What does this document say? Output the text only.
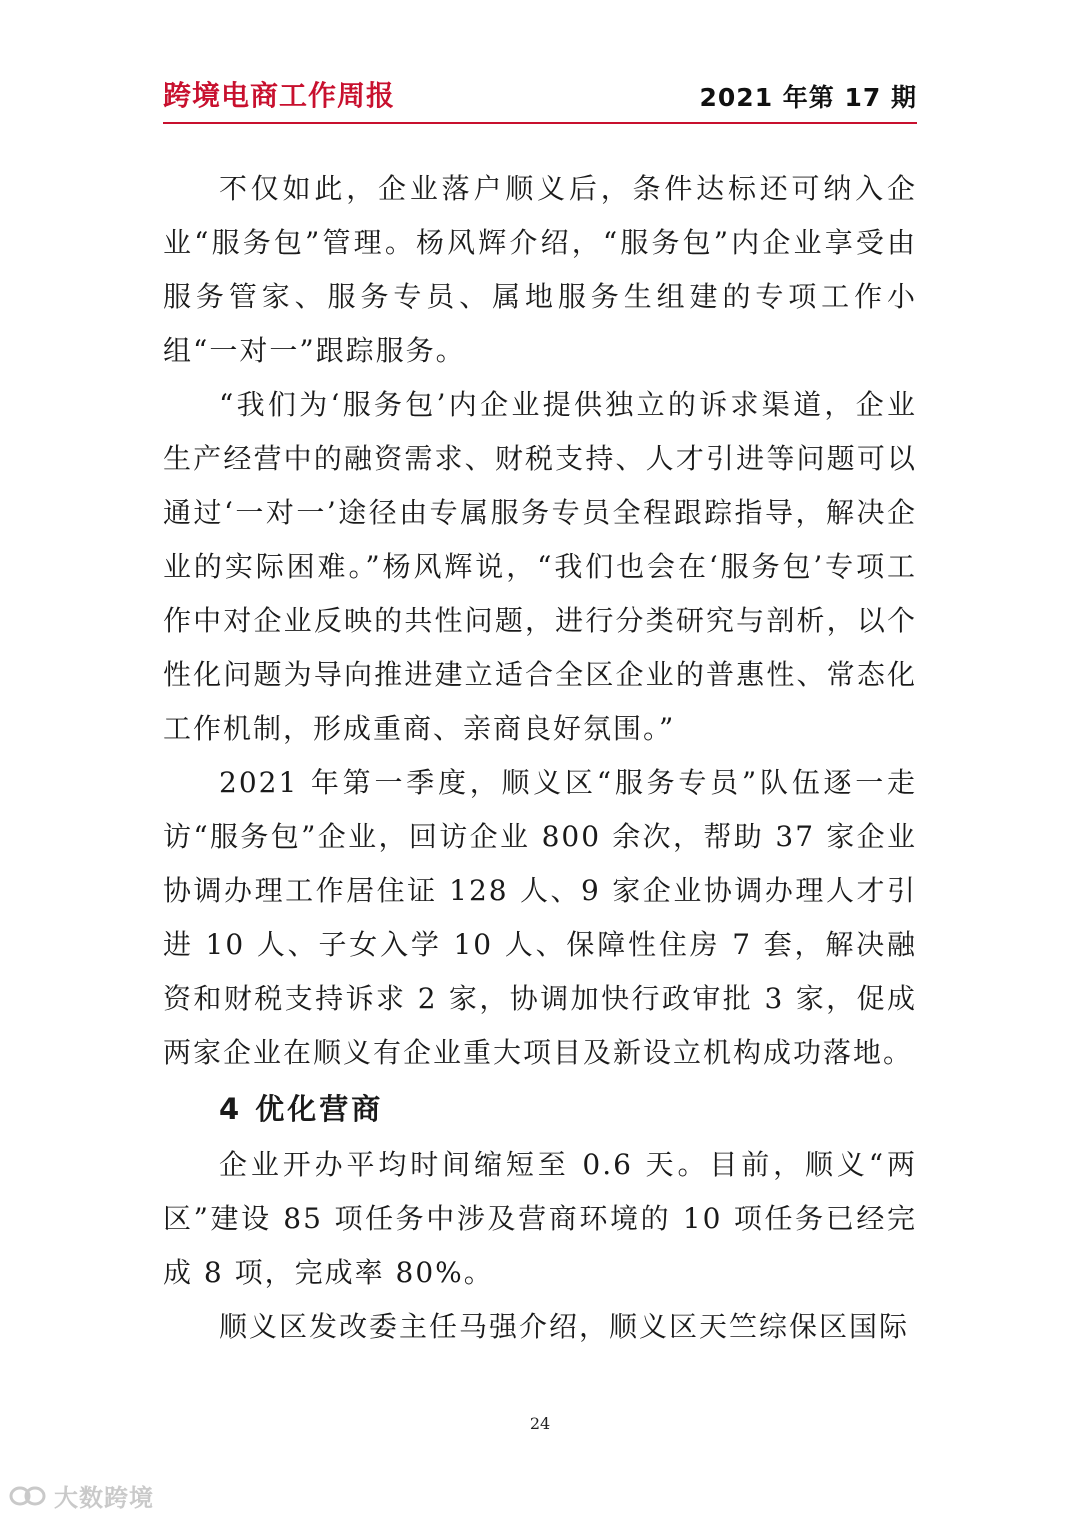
跨境电商工作周报	2021 年第 17 期

不仅如此，企业落户顺义后，条件达标还可纳入企业“服务包”管理。杨风辉介绍，“服务包”内企业享受由服务管家、服务专员、属地服务生组建的专项工作小组“一对一”跟踪服务。

“我们为‘服务包’内企业提供独立的诉求渠道，企业生产经营中的融资需求、财税支持、人才引进等问题可以通过‘一对一’途径由专属服务专员全程跟踪指导，解决企业的实际困难。”杨风辉说，“我们也会在‘服务包’专项工作中对企业反映的共性问题，进行分类研究与剖析，以个性化问题为导向推进建立适合全区企业的普惠性、常态化工作机制，形成重商、亲商良好氛围。”

2021 年第一季度，顺义区“服务专员”队伍逐一走访“服务包”企业，回访企业 800 余次，帮助 37 家企业协调办理工作居住证 128 人、9 家企业协调办理人才引进 10 人、子女入学 10 人、保障性住房 7 套，解决融资和财税支持诉求 2 家，协调加快行政审批 3 家，促成两家企业在顺义有企业重大项目及新设立机构成功落地。

4 优化营商

企业开办平均时间缩短至 0.6 天。目前，顺义“两区”建设 85 项任务中涉及营商环境的 10 项任务已经完成 8 项，完成率 80%。

顺义区发改委主任马强介绍，顺义区天竺综保区国际

24
大数跨境
